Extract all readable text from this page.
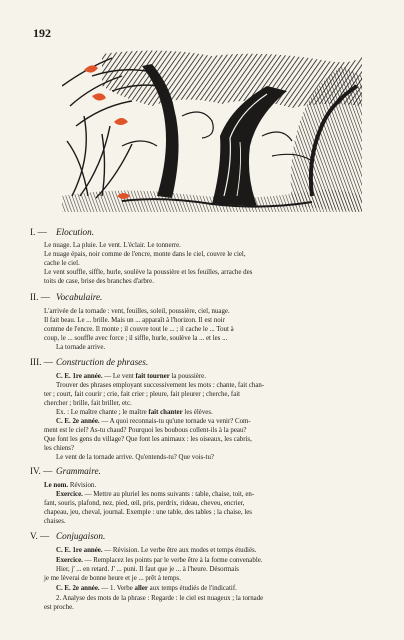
192
I. — Elocution.
Le nuage. La pluie. Le vent. L'éclair. Le tonnerre.
Le nuage épais, noir comme de l'encre, monte dans le ciel, couvre le ciel,
cache le ciel.
Le vent souffle, siffle, hurle, soulève la poussière et les feuilles, arrache des
toits de case, brise des branches d'arbre.
II. — Vocabulaire.
L'arrivée de la tornade : vent, feuilles, soleil, poussière, ciel, nuage.
Il fait beau. Le ... brille. Mais un ... apparaît à l'horizon. Il est noir
comme de l'encre. Il monte ; il couvre tout le ... ; il cache le ... Tout à
coup, le ... souffle avec force ; il siffle, hurle, soulève la ... et les ...
La tornade arrive.
III. — Construction de phrases.
C. E. 1re année. — Le vent fait tourner la poussière.
Trouver des phrases employant successivement les mots : chante, fait chan-
ter ; court, fait courir ; crie, fait crier ; pleure, fait pleurer ; cherche, fait
chercher ; brille, fait briller, etc.
Ex. : Le maître chante ; le maître fait chanter les élèves.
C. E. 2e année. — A quoi reconnais-tu qu'une tornade va venir? Com-
ment est le ciel? As-tu chaud? Pourquoi les boubous collent-ils à la peau?
Que font les gens du village? Que font les animaux : les oiseaux, les cabris,
les chiens?
Le vent de la tornade arrive. Qu'entends-tu? Que vois-tu?
IV. — Grammaire.
Le nom. Révision.
Exercice. — Mettre au pluriel les noms suivants : table, chaise, toit, en-
fant, souris, plafond, nez, pied, œil, pris, perdrix, rideau, cheveu, encrier,
chapeau, jeu, cheval, journal. Exemple : une table, des tables ; la chaise, les
chaises.
V. — Conjugaison.
C. E. 1re année. — Révision. Le verbe être aux modes et temps étudiés.
Exercice. — Remplacez les points par le verbe être à la forme convenable.
Hier, j' ... en retard. J' ... puni. Il faut que je ... à l'heure. Désormais
je me lèverai de bonne heure et je ... prêt à temps.
C. E. 2e année. — 1. Verbe aller aux temps étudiés de l'indicatif.
2. Analyse des mots de la phrase : Regarde : le ciel est nuageux ; la tornade
est proche.
